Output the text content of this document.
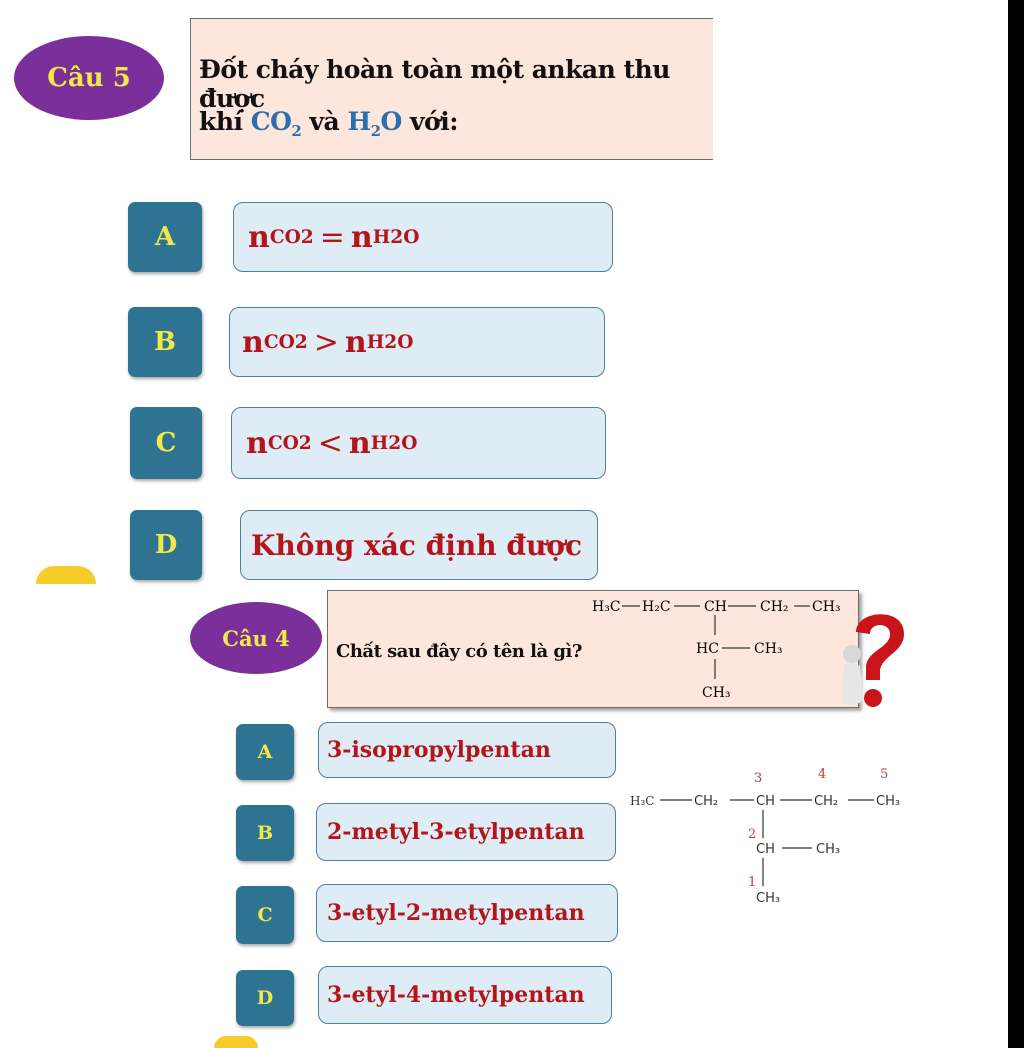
Câu 5	Đốt cháy hoàn toàn một ankan thu được
khí $CO_2$ và $H_2O$ với:
A n CO2 = n H2O
B n CO2 > n H2O
C n CO2 < n H2O
D	Không xác định được
Chất sau đây có tên là gì?
H₃C H₂C CH CH₂ CH₃
HC	CH₃
CH₃
Câu 4
A 3-isopropylpentan
B 2-metyl-3-etylpentan
C 3-etyl-2-metylpentan
D 3-etyl-4-metylpentan
3	4	5
H₃C	CH₂	CH	CH₂	CH₃
2
CH	CH₃
1
CH₃
